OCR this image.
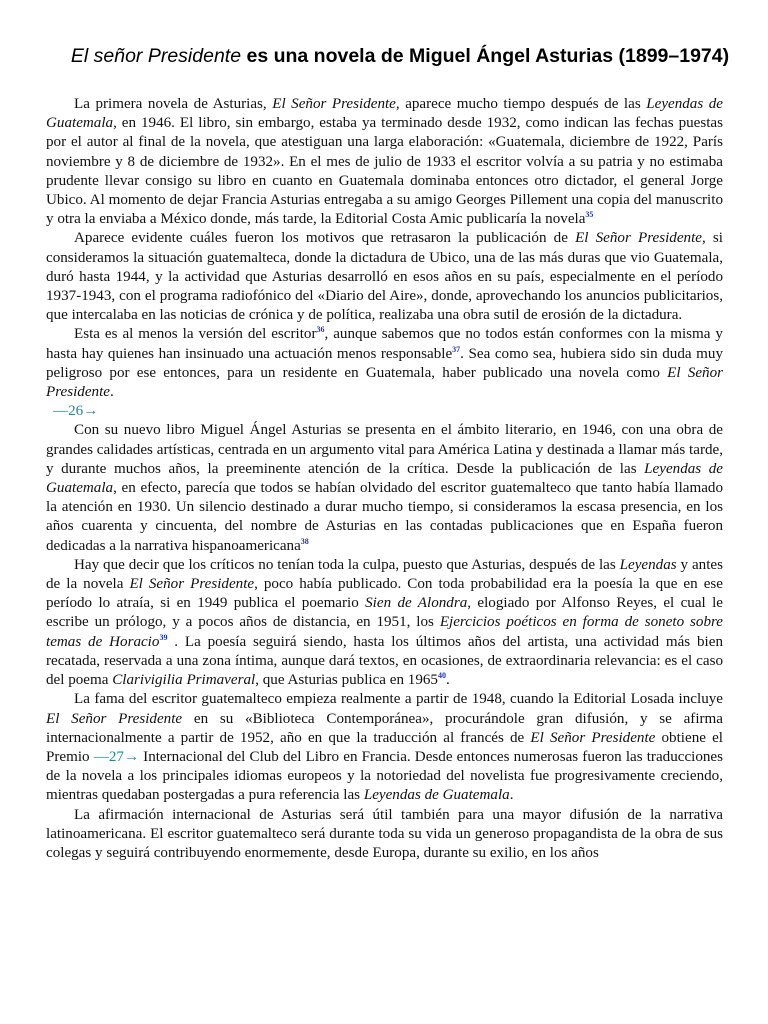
El señor Presidente es una novela de Miguel Ángel Asturias (1899–1974)

La primera novela de Asturias, El Señor Presidente, aparece mucho tiempo después de las Leyendas de Guatemala, en 1946. El libro, sin embargo, estaba ya terminado desde 1932, como indican las fechas puestas por el autor al final de la novela, que atestiguan una larga elaboración: «Guatemala, diciembre de 1922, París noviembre y 8 de diciembre de 1932». En el mes de julio de 1933 el escritor volvía a su patria y no estimaba prudente llevar consigo su libro en cuanto en Guatemala dominaba entonces otro dictador, el general Jorge Ubico. Al momento de dejar Francia Asturias entregaba a su amigo Georges Pillement una copia del manuscrito y otra la enviaba a México donde, más tarde, la Editorial Costa Amic publicaría la novela$^{35}$

Aparece evidente cuáles fueron los motivos que retrasaron la publicación de El Señor Presidente, si consideramos la situación guatemalteca, donde la dictadura de Ubico, una de las más duras que vio Guatemala, duró hasta 1944, y la actividad que Asturias desarrolló en esos años en su país, especialmente en el período 1937-1943, con el programa radiofónico del «Diario del Aire», donde, aprovechando los anuncios publicitarios, que intercalaba en las noticias de crónica y de política, realizaba una obra sutil de erosión de la dictadura.

Esta es al menos la versión del escritor$^{36}$, aunque sabemos que no todos están conformes con la misma y hasta hay quienes han insinuado una actuación menos responsable$^{37}$. Sea como sea, hubiera sido sin duda muy peligroso por ese entonces, para un residente en Guatemala, haber publicado una novela como El Señor Presidente.

—26→

Con su nuevo libro Miguel Ángel Asturias se presenta en el ámbito literario, en 1946, con una obra de grandes calidades artísticas, centrada en un argumento vital para América Latina y destinada a llamar más tarde, y durante muchos años, la preeminente atención de la crítica. Desde la publicación de las Leyendas de Guatemala, en efecto, parecía que todos se habían olvidado del escritor guatemalteco que tanto había llamado la atención en 1930. Un silencio destinado a durar mucho tiempo, si consideramos la escasa presencia, en los años cuarenta y cincuenta, del nombre de Asturias en las contadas publicaciones que en España fueron dedicadas a la narrativa hispanoamericana$^{38}$

Hay que decir que los críticos no tenían toda la culpa, puesto que Asturias, después de las Leyendas y antes de la novela El Señor Presidente, poco había publicado. Con toda probabilidad era la poesía la que en ese período lo atraía, si en 1949 publica el poemario Sien de Alondra, elogiado por Alfonso Reyes, el cual le escribe un prólogo, y a pocos años de distancia, en 1951, los Ejercicios poéticos en forma de soneto sobre temas de Horacio$^{39}$ . La poesía seguirá siendo, hasta los últimos años del artista, una actividad más bien recatada, reservada a una zona íntima, aunque dará textos, en ocasiones, de extraordinaria relevancia: es el caso del poema Clarivigilia Primaveral, que Asturias publica en 1965$^{40}$.

La fama del escritor guatemalteco empieza realmente a partir de 1948, cuando la Editorial Losada incluye El Señor Presidente en su «Biblioteca Contemporánea», procurándole gran difusión, y se afirma internacionalmente a partir de 1952, año en que la traducción al francés de El Señor Presidente obtiene el Premio —27→ Internacional del Club del Libro en Francia. Desde entonces numerosas fueron las traducciones de la novela a los principales idiomas europeos y la notoriedad del novelista fue progresivamente creciendo, mientras quedaban postergadas a pura referencia las Leyendas de Guatemala.

La afirmación internacional de Asturias será útil también para una mayor difusión de la narrativa latinoamericana. El escritor guatemalteco será durante toda su vida un generoso propagandista de la obra de sus colegas y seguirá contribuyendo enormemente, desde Europa, durante su exilio, en los años
